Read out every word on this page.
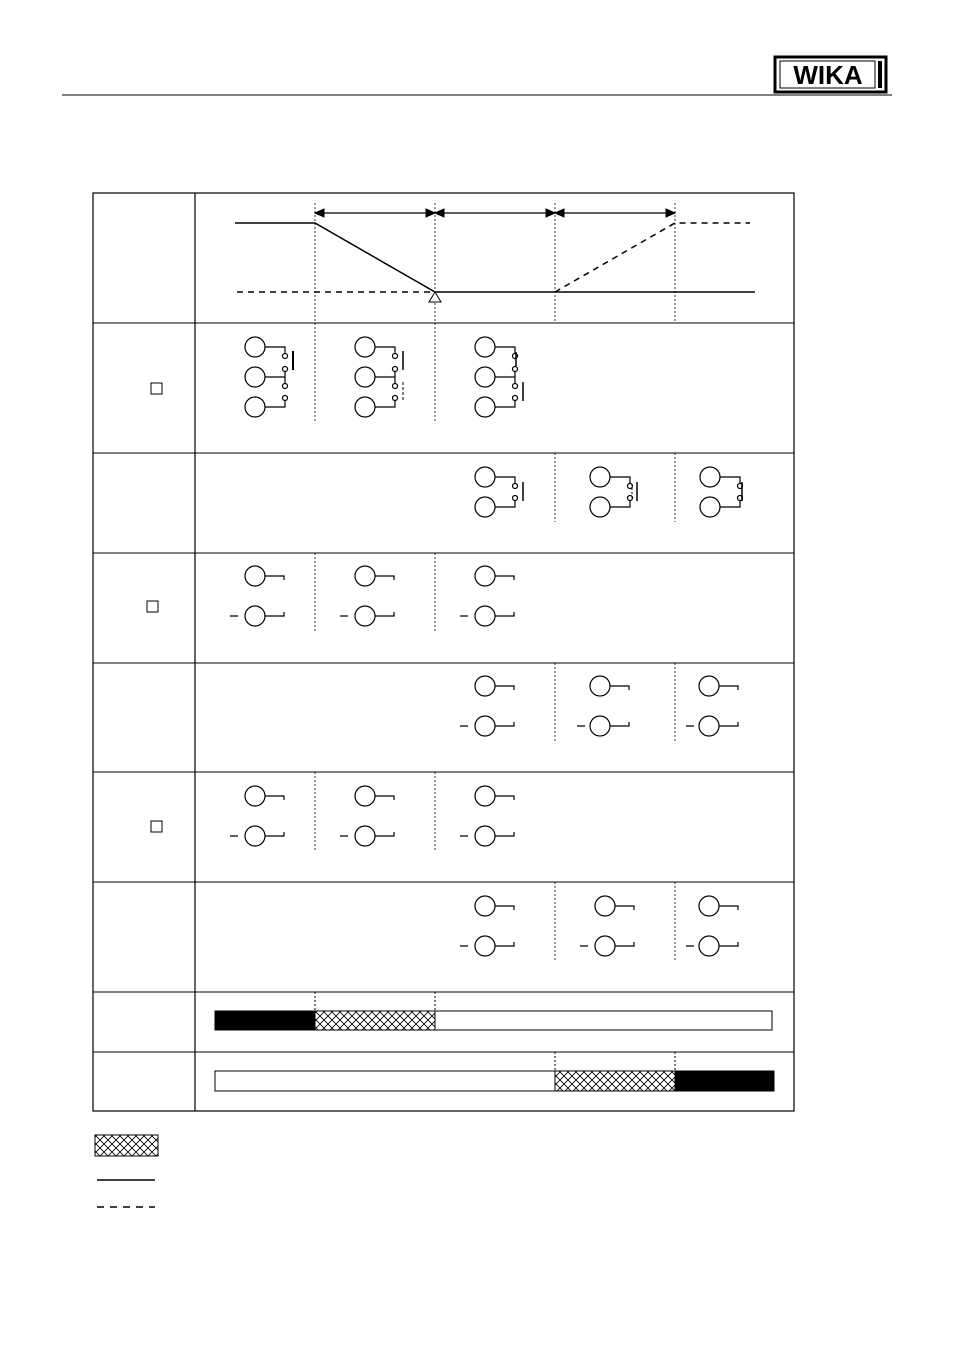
WIKA
